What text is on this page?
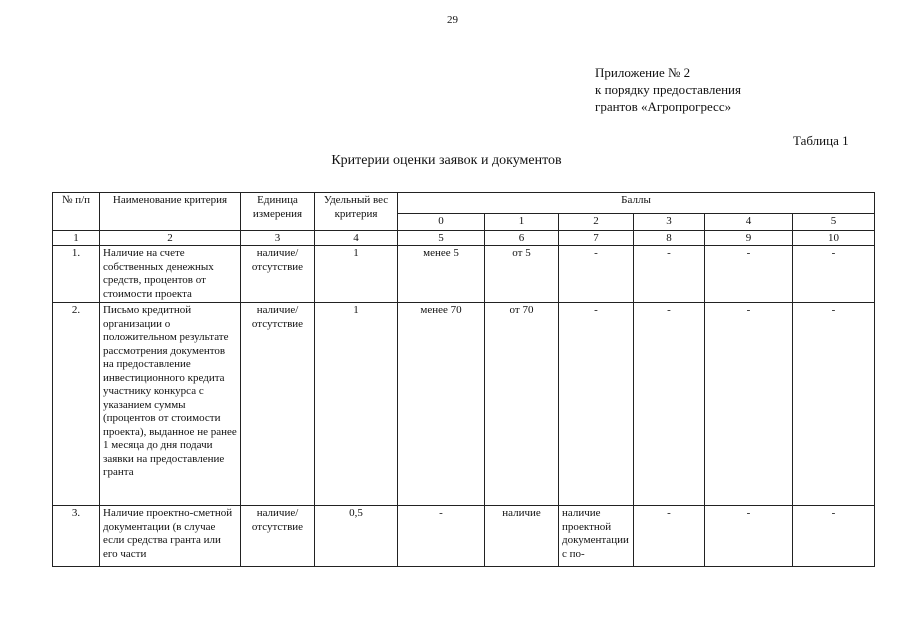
29
Приложение № 2
к порядку предоставления
грантов «Агропрогресс»
Таблица 1
Критерии оценки заявок и документов
№ п/п	Наименование критерия	Единица измерения	Удельный вес критерия	Баллы					
				0	1	2	3	4	5
1	2	3	4	5	6	7	8	9	10
1.	Наличие на счете собственных денежных средств, процентов от стоимости проекта	наличие/ отсутствие	1	менее 5	от 5	-	-	-	-
2.	Письмо кредитной организации о положительном результате рассмотрения документов на предоставление инвестиционного кредита участнику конкурса с указанием суммы (процентов от стоимости проекта), выданное не ранее 1 месяца до дня подачи заявки на предоставление гранта	наличие/ отсутствие	1	менее 70	от 70	-	-	-	-
3.	Наличие проектно-сметной документации (в случае если средства гранта или его части	наличие/ отсутствие	0,5	-	наличие	наличие проектной документации с по-	-	-	-
